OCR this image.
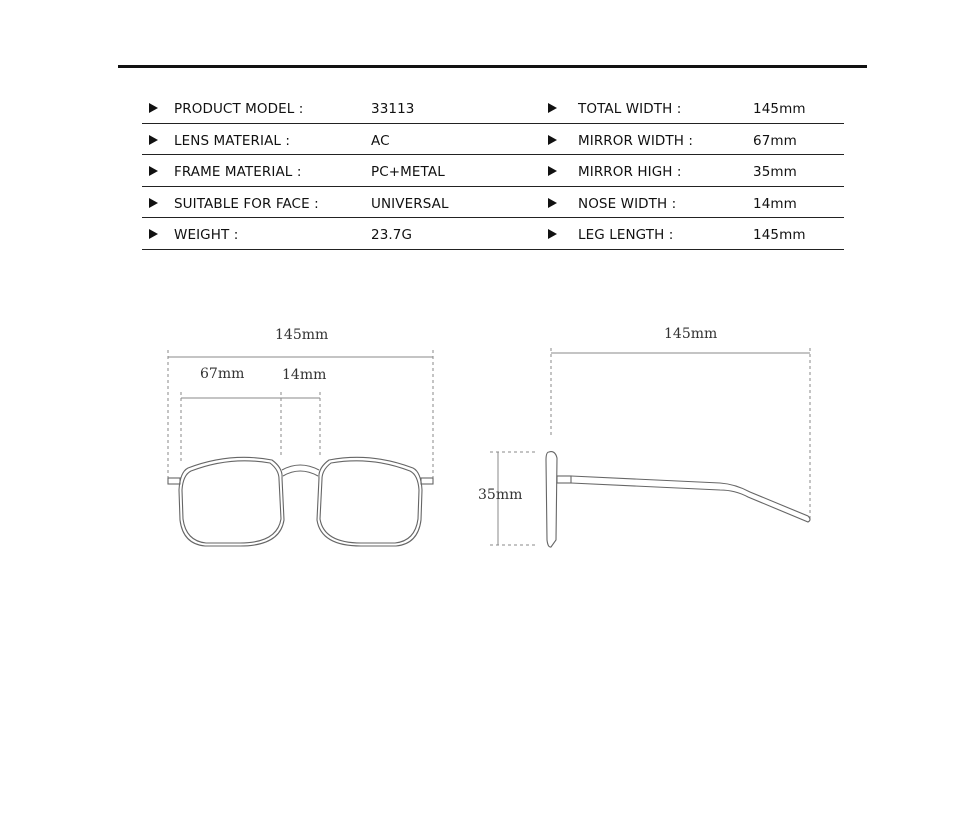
PRODUCT MODEL :	33113	TOTAL WIDTH :	145mm
LENS MATERIAL :	AC	MIRROR WIDTH :	67mm
FRAME MATERIAL :	PC+METAL	MIRROR HIGH :	35mm
SUITABLE FOR FACE :	UNIVERSAL	NOSE WIDTH :	14mm
WEIGHT :	23.7G	LEG LENGTH :	145mm
145mm
67mm	14mm
145mm
35mm
